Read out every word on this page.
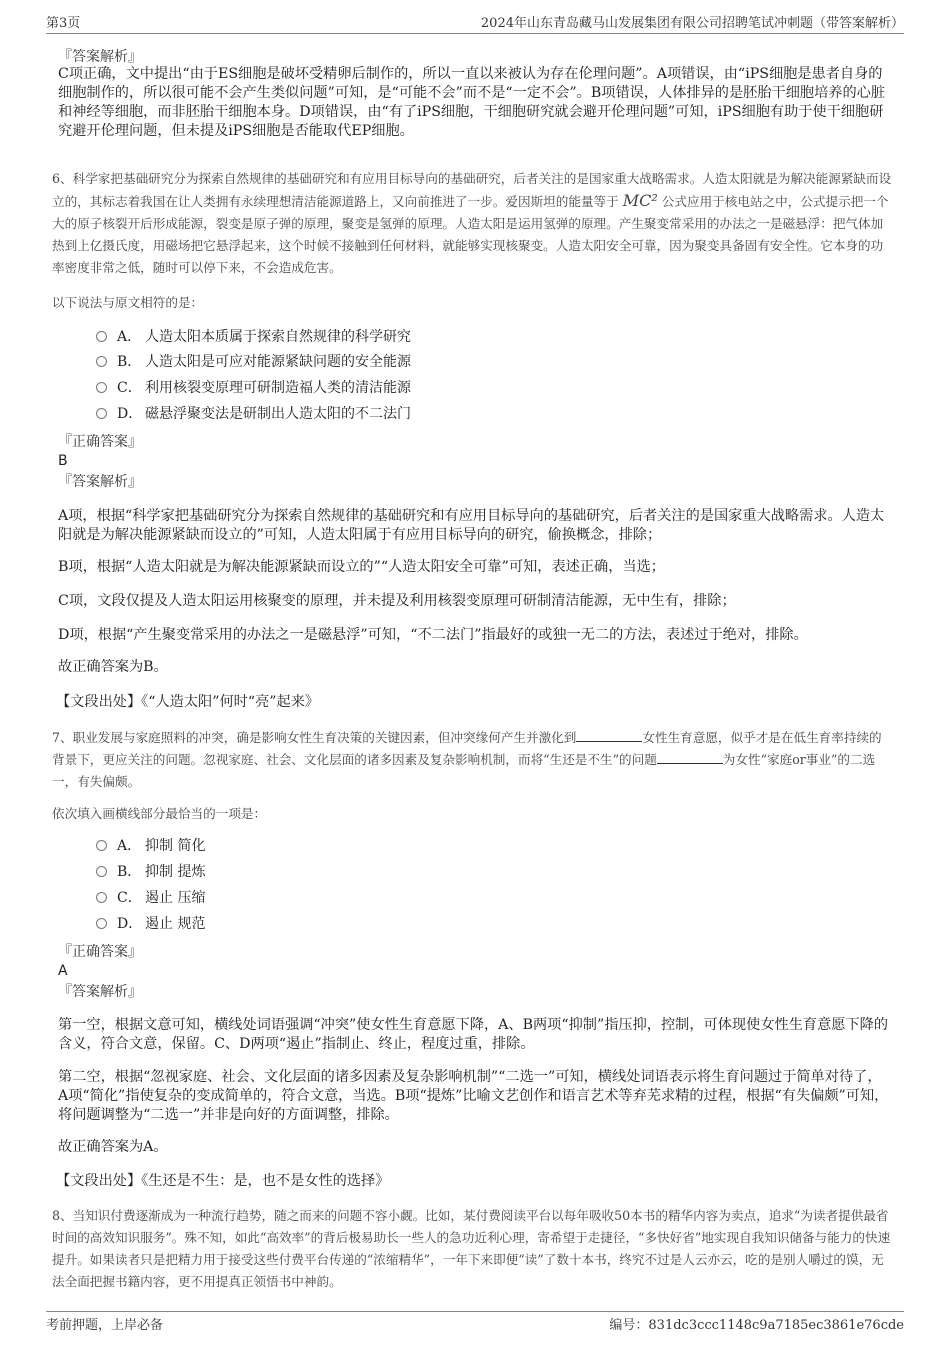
第3页	2024年山东青岛藏马山发展集团有限公司招聘笔试冲刺题（带答案解析）
『答案解析』
C项正确，文中提出“由于ES细胞是破坏受精卵后制作的，所以一直以来被认为存在伦理问题”。A项错误，由“iPS细胞是患者自身的细胞制作的，所以很可能不会产生类似问题”可知，是“可能不会”而不是“一定不会”。B项错误，人体排异的是胚胎干细胞培养的心脏和神经等细胞，而非胚胎干细胞本身。D项错误，由“有了iPS细胞，干细胞研究就会避开伦理问题”可知，iPS细胞有助于使干细胞研究避开伦理问题，但未提及iPS细胞是否能取代EP细胞。
6、科学家把基础研究分为探索自然规律的基础研究和有应用目标导向的基础研究，后者关注的是国家重大战略需求。人造太阳就是为解决能源紧缺而设立的，其标志着我国在让人类拥有永续理想清洁能源道路上，又向前推进了一步。爱因斯坦的能量等于 MC² 公式应用于核电站之中，公式提示把一个大的原子核裂开后形成能源，裂变是原子弹的原理，聚变是氢弹的原理。人造太阳是运用氢弹的原理。产生聚变常采用的办法之一是磁悬浮：把气体加热到上亿摄氏度，用磁场把它悬浮起来，这个时候不接触到任何材料，就能够实现核聚变。人造太阳安全可靠，因为聚变具备固有安全性。它本身的功率密度非常之低，随时可以停下来，不会造成危害。
以下说法与原文相符的是：
A． 人造太阳本质属于探索自然规律的科学研究
B． 人造太阳是可应对能源紧缺问题的安全能源
C． 利用核裂变原理可研制造福人类的清洁能源
D． 磁悬浮聚变法是研制出人造太阳的不二法门
『正确答案』
B
『答案解析』
A项，根据“科学家把基础研究分为探索自然规律的基础研究和有应用目标导向的基础研究，后者关注的是国家重大战略需求。人造太阳就是为解决能源紧缺而设立的”可知，人造太阳属于有应用目标导向的研究，偷换概念，排除；
B项，根据“人造太阳就是为解决能源紧缺而设立的”“人造太阳安全可靠”可知，表述正确，当选；
C项，文段仅提及人造太阳运用核聚变的原理，并未提及利用核裂变原理可研制清洁能源，无中生有，排除；
D项，根据“产生聚变常采用的办法之一是磁悬浮”可知，“不二法门”指最好的或独一无二的方法，表述过于绝对，排除。
故正确答案为B。
【文段出处】《“人造太阳”何时“亮”起来》
7、职业发展与家庭照料的冲突，确是影响女性生育决策的关键因素，但冲突缘何产生并激化到	女性生育意愿，似乎才是在低生育率持续的背景下，更应关注的问题。忽视家庭、社会、文化层面的诸多因素及复杂影响机制，而将“生还是不生”的问题	为女性“家庭or事业”的二选一，有失偏颇。
依次填入画横线部分最恰当的一项是：
A． 抑制 简化
B． 抑制 提炼
C． 遏止 压缩
D． 遏止 规范
『正确答案』
A
『答案解析』
第一空，根据文意可知，横线处词语强调“冲突”使女性生育意愿下降，A、B两项“抑制”指压抑，控制，可体现使女性生育意愿下降的含义，符合文意，保留。C、D两项“遏止”指制止、终止，程度过重，排除。
第二空，根据“忽视家庭、社会、文化层面的诸多因素及复杂影响机制”“二选一”可知，横线处词语表示将生育问题过于简单对待了，A项“简化”指使复杂的变成简单的，符合文意，当选。B项“提炼”比喻文艺创作和语言艺术等弃芜求精的过程，根据“有失偏颇”可知，将问题调整为“二选一”并非是向好的方面调整，排除。
故正确答案为A。
【文段出处】《生还是不生：是，也不是女性的选择》
8、当知识付费逐渐成为一种流行趋势，随之而来的问题不容小觑。比如，某付费阅读平台以每年吸收50本书的精华内容为卖点，追求“为读者提供最省时间的高效知识服务”。殊不知，如此“高效率”的背后极易助长一些人的急功近利心理，寄希望于走捷径，“多快好省”地实现自我知识储备与能力的快速提升。如果读者只是把精力用于接受这些付费平台传递的“浓缩精华”，一年下来即便“读”了数十本书，终究不过是人云亦云，吃的是别人嚼过的馍，无法全面把握书籍内容，更不用提真正领悟书中神韵。
考前押题，上岸必备	编号：831dc3ccc1148c9a7185ec3861e76cde
